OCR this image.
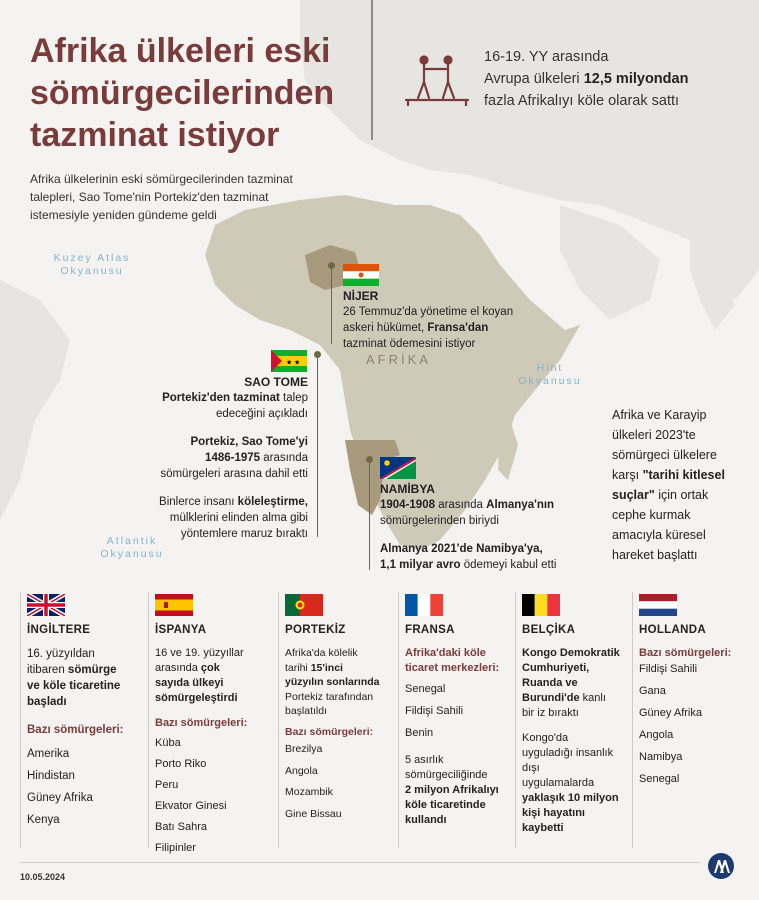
Afrika ülkeleri eski sömürgecilerinden tazminat istiyor
Afrika ülkelerinin eski sömürgecilerinden tazminat talepleri, Sao Tome'nin Portekiz'den tazminat istemesiyle yeniden gündeme geldi
16-19. YY arasında
Avrupa ülkeleri 12,5 milyondan
fazla Afrikalıyı köle olarak sattı
Kuzey Atlas
Okyanusu
Hint
Okyanusu
Atlantik
Okyanusu
AFRİKA
NİJER
26 Temmuz'da yönetime el koyan
askeri hükümet, Fransa'dan
tazminat ödemesini istiyor
★ ★
SAO TOME
Portekiz'den tazminat talep
edeceğini açıkladı
Portekiz, Sao Tome'yi
1486-1975 arasında
sömürgeleri arasına dahil etti
Binlerce insanı köleleştirme,
mülklerini elinden alma gibi
yöntemlere maruz bıraktı
NAMİBYA
1904-1908 arasında Almanya'nın
sömürgelerinden biriydi
Almanya 2021'de Namibya'ya,
1,1 milyar avro ödemeyi kabul etti
Afrika ve Karayip
ülkeleri 2023'te
sömürgeci ülkelere
karşı "tarihi kitlesel
suçlar" için ortak
cephe kurmak
amacıyla küresel
hareket başlattı
İNGİLTERE
16. yüzyıldan
itibaren sömürge
ve köle ticaretine
başladı
Bazı sömürgeleri:
Amerika
Hindistan
Güney Afrika
Kenya
İSPANYA
16 ve 19. yüzyıllar
arasında çok
sayıda ülkeyi
sömürgeleştirdi
Bazı sömürgeleri:
Küba
Porto Riko
Peru
Ekvator Ginesi
Batı Sahra
Filipinler
PORTEKİZ
Afrika'da kölelik
tarihi 15'inci
yüzyılın sonlarında
Portekiz tarafından
başlatıldı
Bazı sömürgeleri:
Brezilya
Angola
Mozambik
Gine Bissau
FRANSA
Afrika'daki köle
ticaret merkezleri:
Senegal
Fildişi Sahili
Benin
5 asırlık
sömürgeciliğinde
2 milyon Afrikalıyı
köle ticaretinde
kullandı
BELÇİKA
Kongo Demokratik
Cumhuriyeti,
Ruanda ve
Burundi'de kanlı
bir iz bıraktı
Kongo'da
uyguladığı insanlık
dışı
uygulamalarda
yaklaşık 10 milyon
kişi hayatını
kaybetti
HOLLANDA
Bazı sömürgeleri:
Fildişi Sahili
Gana
Güney Afrika
Angola
Namibya
Senegal
10.05.2024
